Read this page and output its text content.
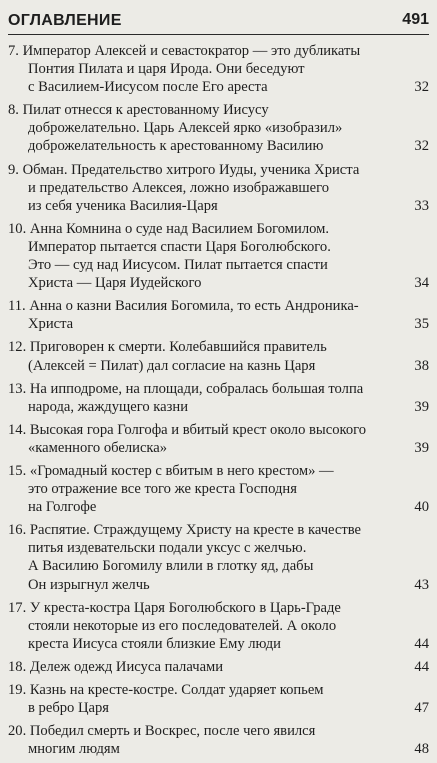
ОГЛАВЛЕНИЕ	491
7. Император Алексей и севастократор — это дубликаты
Понтия Пилата и царя Ирода. Они беседуют
с Василием-Иисусом после Его ареста	32
8. Пилат отнесся к арестованному Иисусу
доброжелательно. Царь Алексей ярко «изобразил»
доброжелательность к арестованному Василию	32
9. Обман. Предательство хитрого Иуды, ученика Христа
и предательство Алексея, ложно изображавшего
из себя ученика Василия-Царя	33
10. Анна Комнина о суде над Василием Богомилом.
Император пытается спасти Царя Боголюбского.
Это — суд над Иисусом. Пилат пытается спасти
Христа — Царя Иудейского	34
11. Анна о казни Василия Богомила, то есть Андроника-
Христа	35
12. Приговорен к смерти. Колебавшийся правитель
(Алексей = Пилат) дал согласие на казнь Царя	38
13. На ипподроме, на площади, собралась большая толпа
народа, жаждущего казни	39
14. Высокая гора Голгофа и вбитый крест около высокого
«каменного обелиска»	39
15. «Громадный костер с вбитым в него крестом» —
это отражение все того же креста Господня
на Голгофе	40
16. Распятие. Страждущему Христу на кресте в качестве
питья издевательски подали уксус с желчью.
А Василию Богомилу влили в глотку яд, дабы
Он изрыгнул желчь	43
17. У креста-костра Царя Боголюбского в Царь-Граде
стояли некоторые из его последователей. А около
креста Иисуса стояли близкие Ему люди	44
18. Дележ одежд Иисуса палачами	44
19. Казнь на кресте-костре. Солдат ударяет копьем
в ребро Царя	47
20. Победил смерть и Воскрес, после чего явился
многим людям	48
